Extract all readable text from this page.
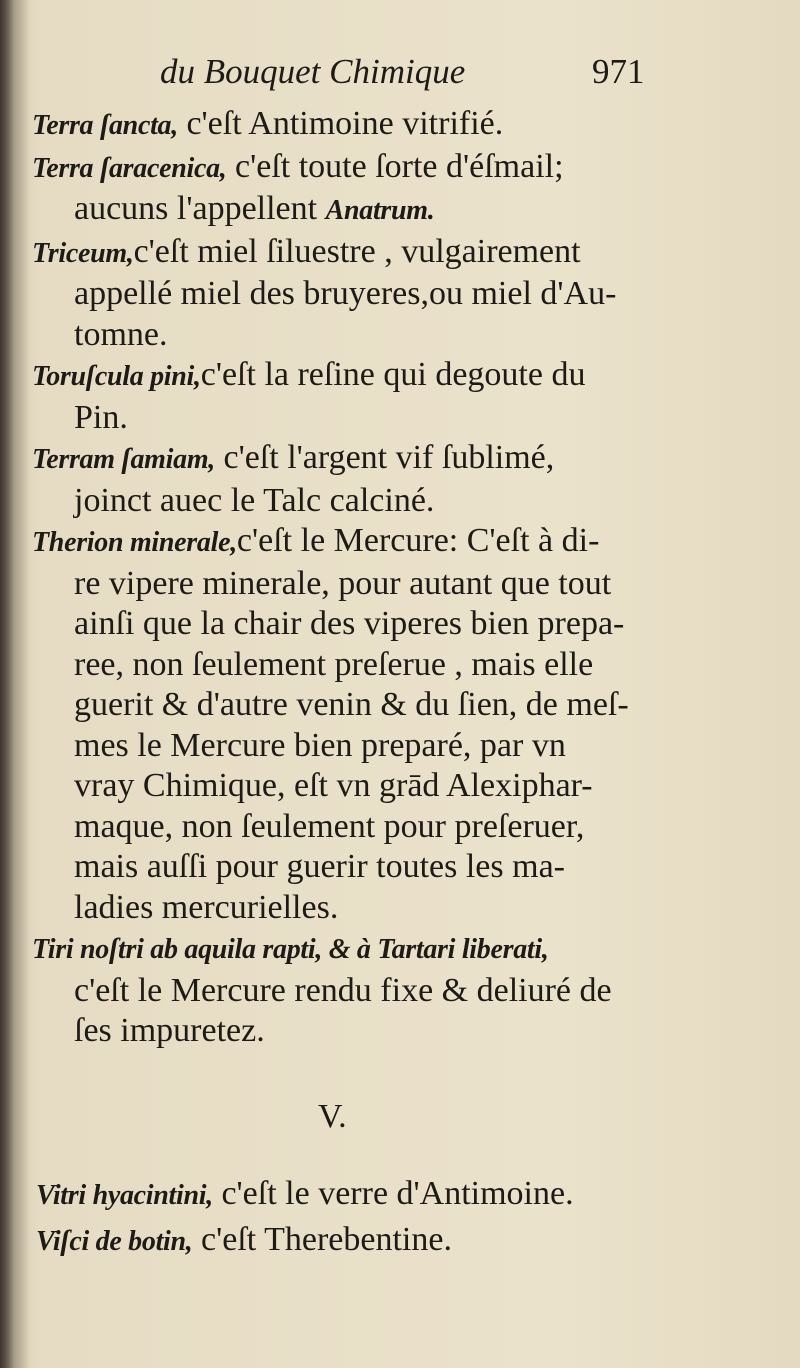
du Bouquet Chimique	971

Terra ſancta, c'eſt Antimoine vitrifié.

Terra ſaracenica, c'eſt toute ſorte d'éſmail;
aucuns l'appellent Anatrum.

Triceum,c'eſt miel ſiluestre , vulgairement
appellé miel des bruyeres,ou miel d'Au-
tomne.

Toruſcula pini,c'eſt la reſine qui degoute du
Pin.

Terram ſamiam, c'eſt l'argent vif ſublimé,
joinct auec le Talc calciné.

Therion minerale,c'eſt le Mercure: C'eſt à di-
re vipere minerale, pour autant que tout
ainſi que la chair des viperes bien prepa-
ree, non ſeulement preſerue , mais elle
guerit & d'autre venin & du ſien, de meſ-
mes le Mercure bien preparé, par vn
vray Chimique, eſt vn grād Alexiphar-
maque, non ſeulement pour preſeruer,
mais auſſi pour guerir toutes les ma-
ladies mercurielles.

Tiri noſtri ab aquila rapti, & à Tartari liberati,
c'eſt le Mercure rendu fixe & deliuré de
ſes impuretez.

V.

Vitri hyacintini, c'eſt le verre d'Antimoine.

Viſci de botin, c'eſt Therebentine.
